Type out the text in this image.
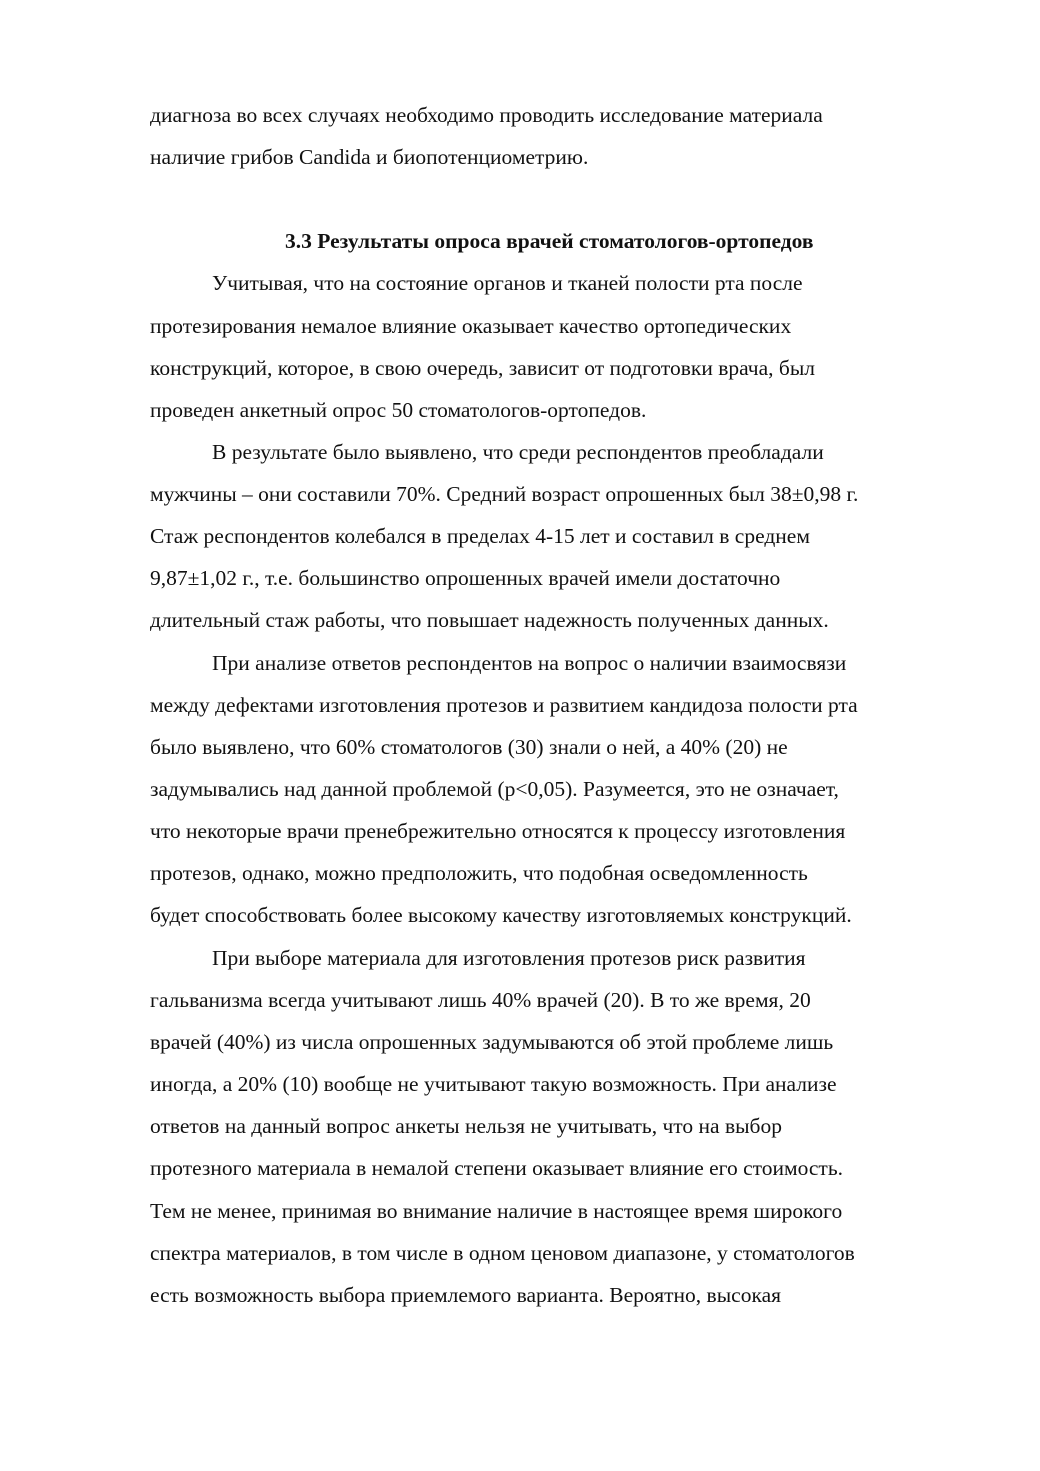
диагноза во всех случаях необходимо проводить исследование материала
наличие грибов Candida и биопотенциометрию.
3.3 Результаты опроса врачей стоматологов-ортопедов
Учитывая, что на состояние органов и тканей полости рта после
протезирования немалое влияние оказывает качество ортопедических
конструкций, которое, в свою очередь, зависит от подготовки врача, был
проведен анкетный опрос 50 стоматологов-ортопедов.
В результате было выявлено, что среди респондентов преобладали
мужчины – они составили 70%. Средний возраст опрошенных был 38±0,98 г.
Стаж респондентов колебался в пределах 4-15 лет и составил в среднем
9,87±1,02 г., т.е. большинство опрошенных врачей имели достаточно
длительный стаж работы, что повышает надежность полученных данных.
При анализе ответов респондентов на вопрос о наличии взаимосвязи
между дефектами изготовления протезов и развитием кандидоза полости рта
было выявлено, что 60% стоматологов (30) знали о ней, а 40% (20) не
задумывались над данной проблемой (р<0,05). Разумеется, это не означает,
что некоторые врачи пренебрежительно относятся к процессу изготовления
протезов, однако, можно предположить, что подобная осведомленность
будет способствовать более высокому качеству изготовляемых конструкций.
При выборе материала для изготовления протезов риск развития
гальванизма всегда учитывают лишь 40% врачей (20). В то же время, 20
врачей (40%) из числа опрошенных задумываются об этой проблеме лишь
иногда, а 20% (10) вообще не учитывают такую возможность. При анализе
ответов на данный вопрос анкеты нельзя не учитывать, что на выбор
протезного материала в немалой степени оказывает влияние его стоимость.
Тем не менее, принимая во внимание наличие в настоящее время широкого
спектра материалов, в том числе в одном ценовом диапазоне, у стоматологов
есть возможность выбора приемлемого варианта. Вероятно, высокая
